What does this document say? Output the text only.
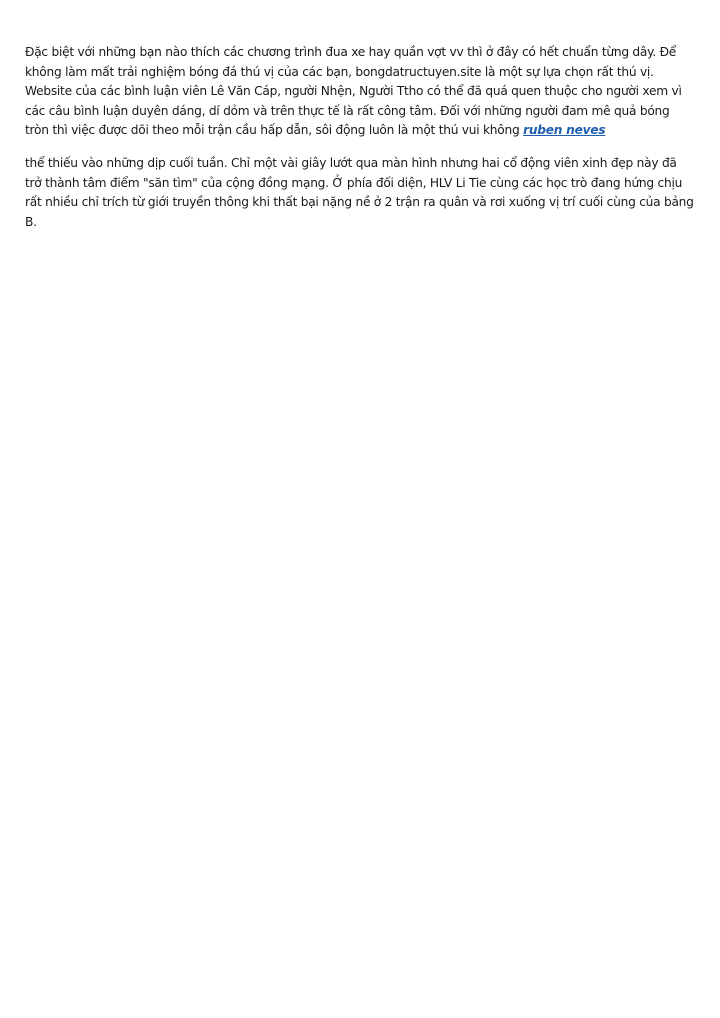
Đặc biệt với những bạn nào thích các chương trình đua xe hay quần vợt vv thì ở đây có hết chuẩn từng dây. Để
không làm mất trải nghiệm bóng đá thú vị của các bạn, bongdatructuyen.site là một sự lựa chọn rất thú vị.
Website của các bình luận viên Lê Văn Cáp, người Nhện, Người Ttho có thể đã quá quen thuộc cho người xem vì
các câu bình luận duyên dáng, dí dỏm và trên thực tế là rất công tâm. Đối với những người đam mê quả bóng
tròn thì việc được dõi theo mỗi trận cầu hấp dẫn, sôi động luôn là một thú vui không ruben neves

thể thiếu vào những dịp cuối tuần. Chỉ một vài giây lướt qua màn hình nhưng hai cổ động viên xinh đẹp này đã
trở thành tâm điểm "săn tìm" của cộng đồng mạng. Ở phía đối diện, HLV Li Tie cùng các học trò đang hứng chịu
rất nhiều chỉ trích từ giới truyền thông khi thất bại nặng nề ở 2 trận ra quân và rơi xuống vị trí cuối cùng của bảng
B.
